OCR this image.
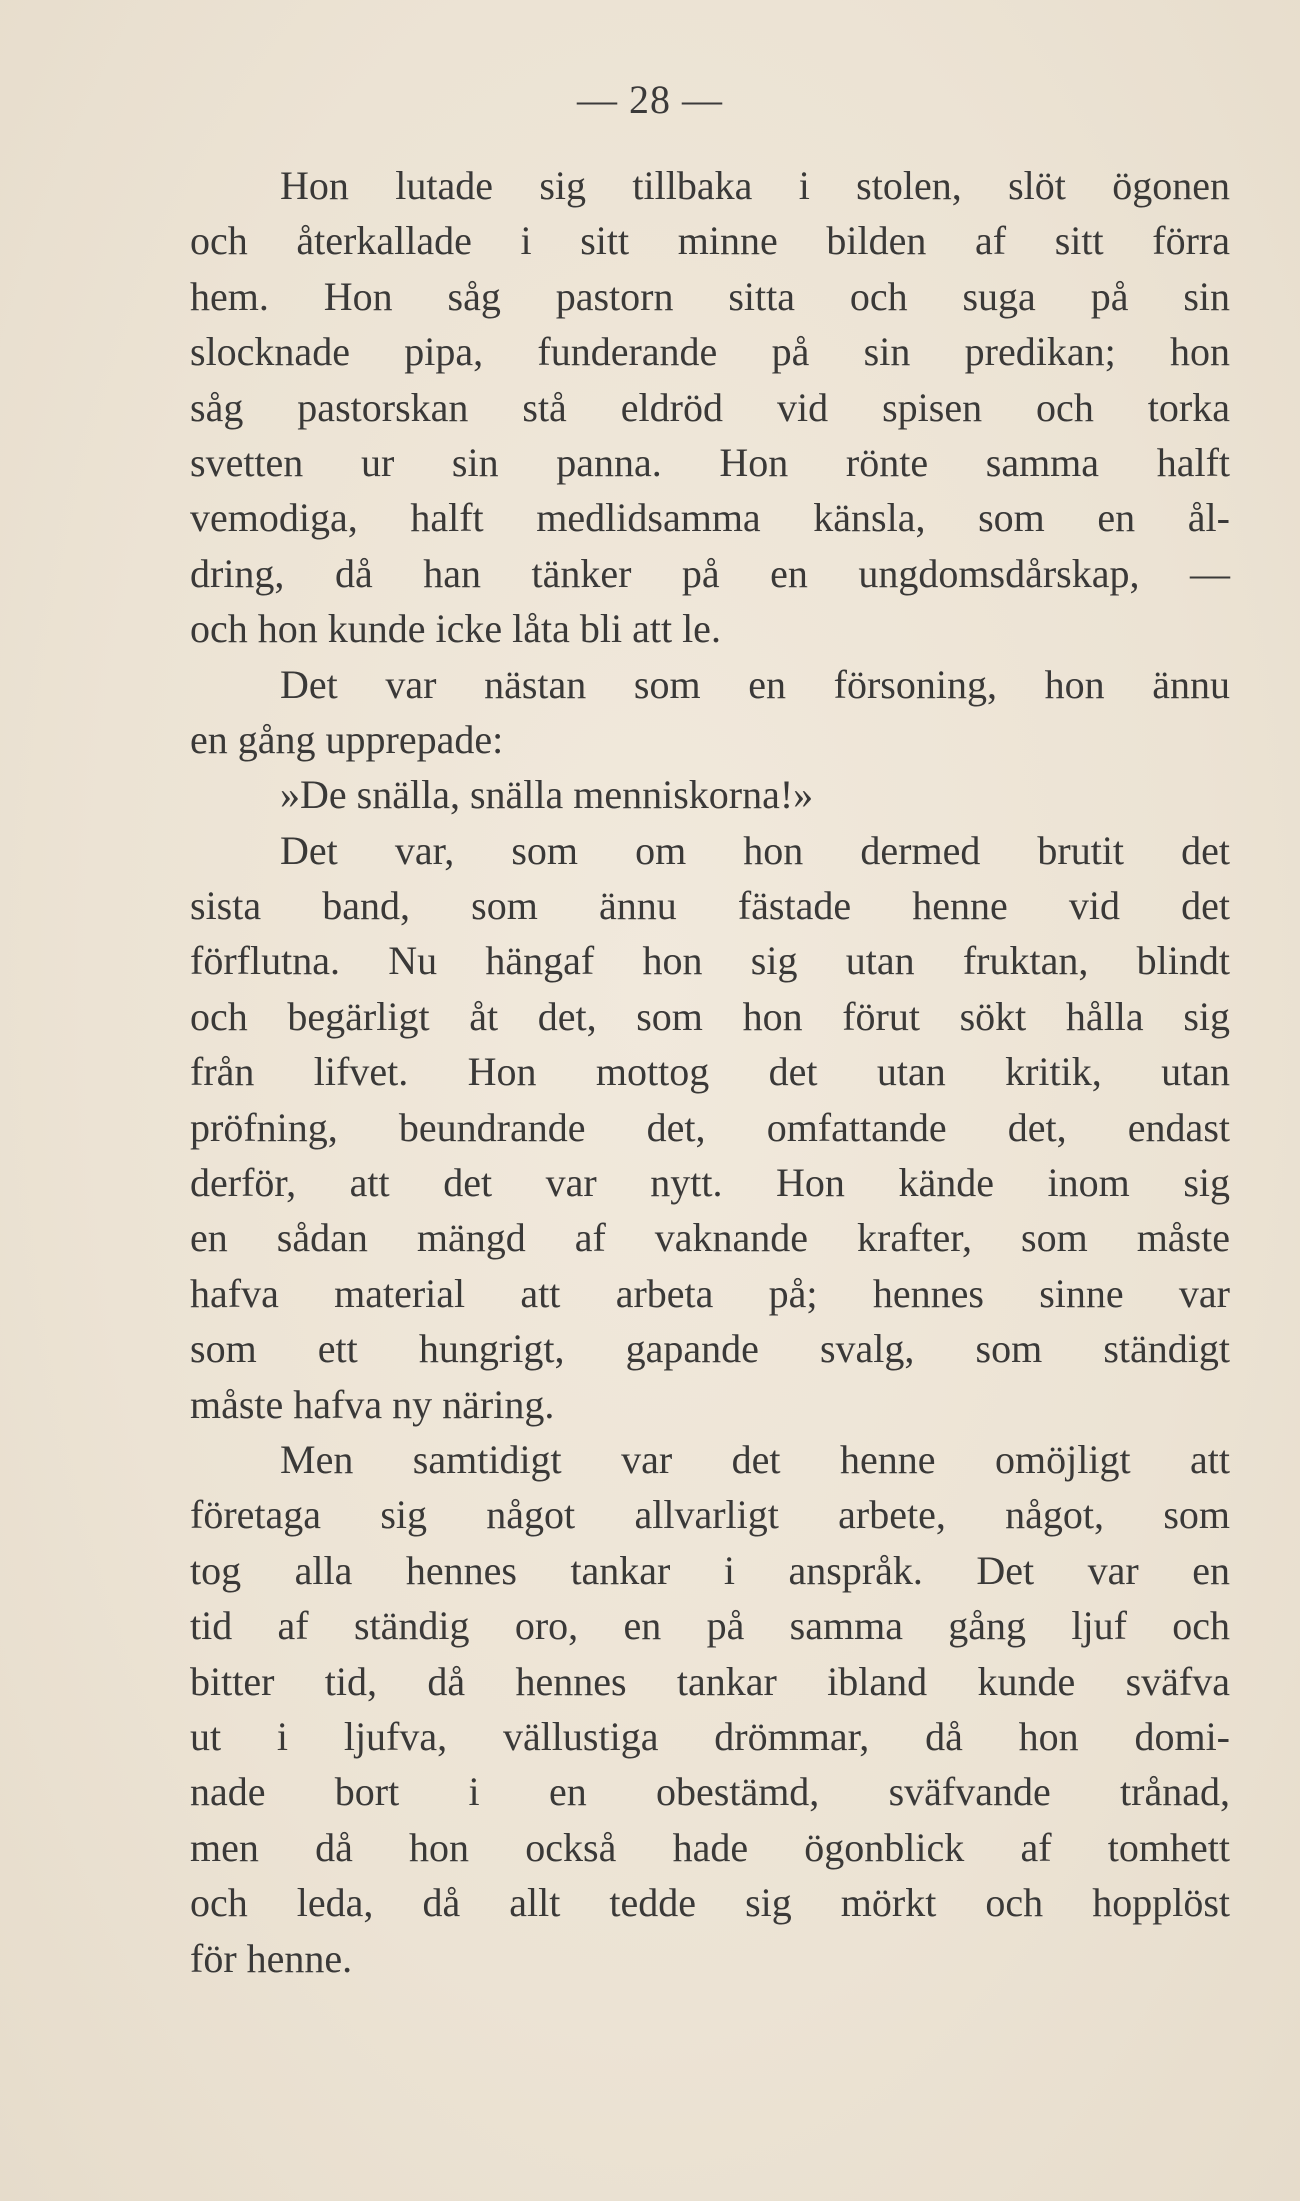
— 28 —
Hon lutade sig tillbaka i stolen, slöt ögonen
och återkallade i sitt minne bilden af sitt förra
hem. Hon såg pastorn sitta och suga på sin
slocknade pipa, funderande på sin predikan; hon
såg pastorskan stå eldröd vid spisen och torka
svetten ur sin panna. Hon rönte samma halft
vemodiga, halft medlidsamma känsla, som en ål-
dring, då han tänker på en ungdomsdårskap, —
och hon kunde icke låta bli att le.
Det var nästan som en försoning, hon ännu
en gång upprepade:
»De snälla, snälla menniskorna!»
Det var, som om hon dermed brutit det
sista band, som ännu fästade henne vid det
förflutna. Nu hängaf hon sig utan fruktan, blindt
och begärligt åt det, som hon förut sökt hålla sig
från lifvet. Hon mottog det utan kritik, utan
pröfning, beundrande det, omfattande det, endast
derför, att det var nytt. Hon kände inom sig
en sådan mängd af vaknande krafter, som måste
hafva material att arbeta på; hennes sinne var
som ett hungrigt, gapande svalg, som ständigt
måste hafva ny näring.
Men samtidigt var det henne omöjligt att
företaga sig något allvarligt arbete, något, som
tog alla hennes tankar i anspråk. Det var en
tid af ständig oro, en på samma gång ljuf och
bitter tid, då hennes tankar ibland kunde sväfva
ut i ljufva, vällustiga drömmar, då hon domi-
nade bort i en obestämd, sväfvande trånad,
men då hon också hade ögonblick af tomhett
och leda, då allt tedde sig mörkt och hopplöst
för henne.
